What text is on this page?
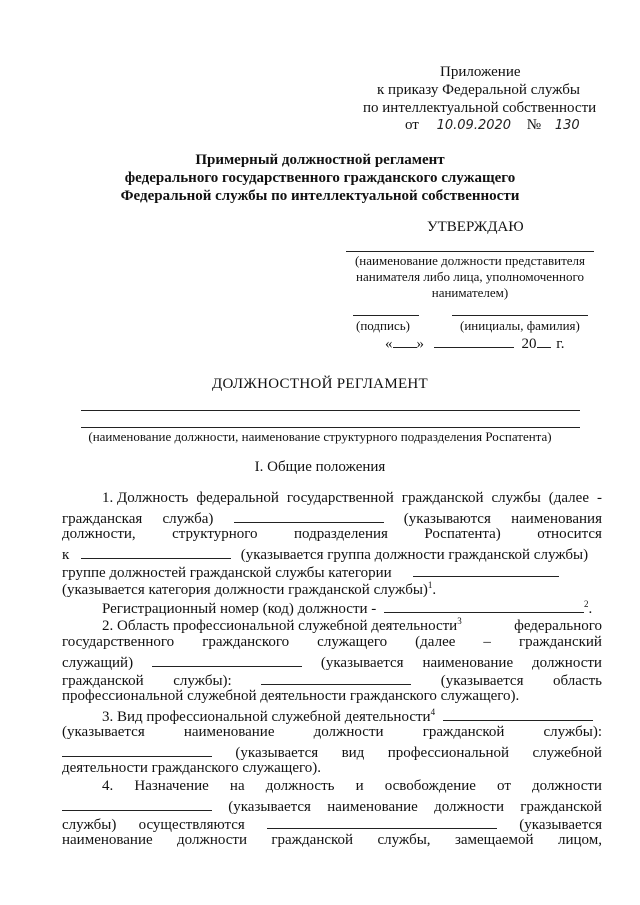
Приложение
к приказу Федеральной службы
по интеллектуальной собственности
от 10.09.2020 № 130
Примерный должностной регламент
федерального государственного гражданского служащего
Федеральной службы по интеллектуальной собственности
УТВЕРЖДАЮ
(наименование должности представителя
нанимателя либо лица, уполномоченного
нанимателем)
(подпись)	(инициалы, фамилия)
« »	20 г.
ДОЛЖНОСТНОЙ РЕГЛАМЕНТ
(наименование должности, наименование структурного подразделения Роспатента)
I. Общие положения
1. Должность федеральной государственной гражданской службы (далее -
гражданская служба)	(указываются наименования
должности, структурного подразделения Роспатента) относится
к	(указывается группа должности гражданской службы)
группе должностей гражданской службы категории
(указывается категория должности гражданской службы)$^1$.
Регистрационный номер (код) должности -	$^2$.
2. Область профессиональной служебной деятельности$^3$	федерального
государственного гражданского служащего (далее – гражданский
служащий)	(указывается наименование должности
гражданской службы):	(указывается область
профессиональной служебной деятельности гражданского служащего).
3. Вид профессиональной служебной деятельности$^4$
(указывается	наименование	должности	гражданской	службы):
(указывается вид профессиональной служебной
деятельности гражданского служащего).
4. Назначение на должность и освобождение от должности
(указывается наименование должности гражданской
службы) осуществляются	(указывается
наименование должности гражданской службы, замещаемой лицом,
